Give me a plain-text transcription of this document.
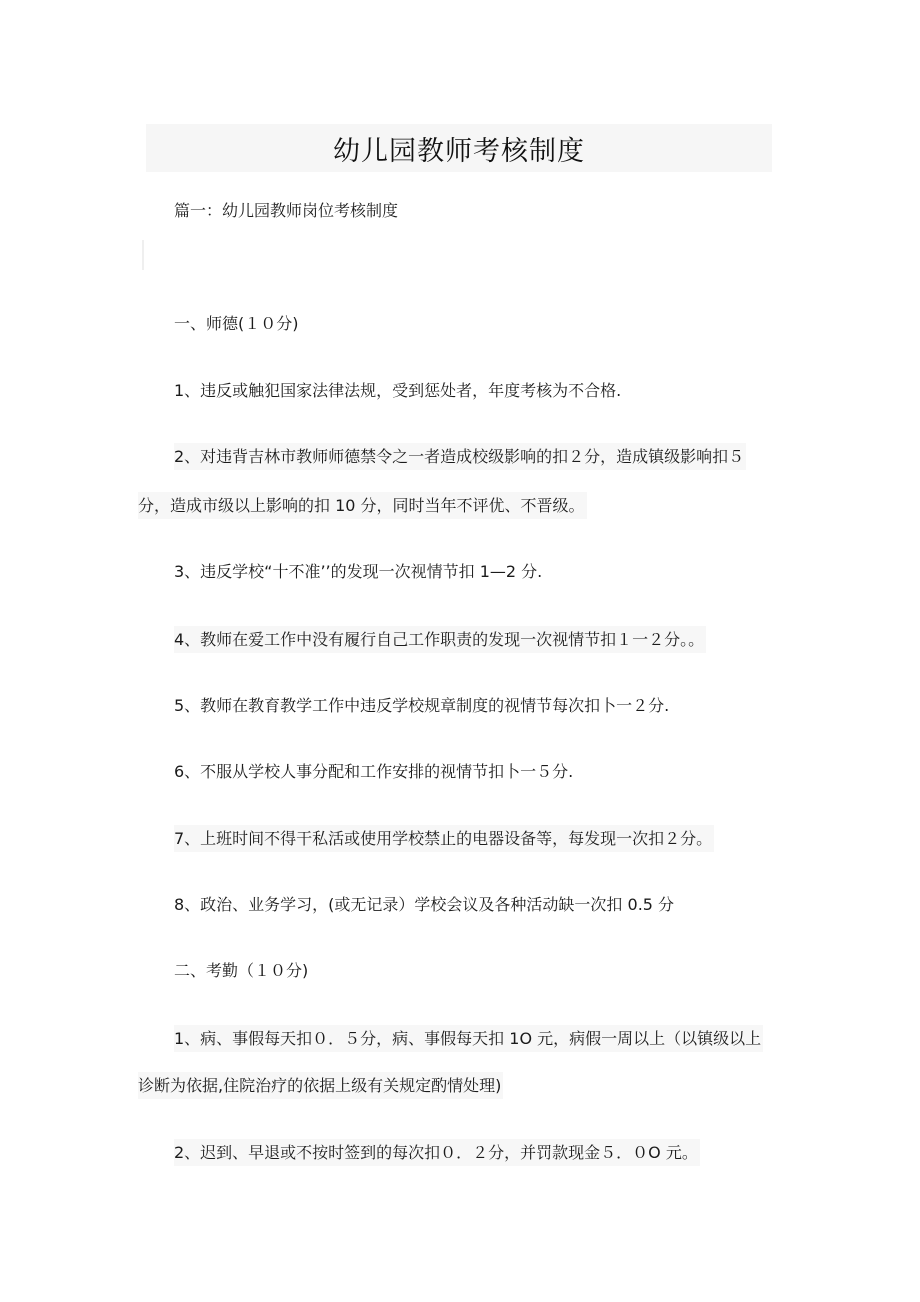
幼儿园教师考核制度
篇一：幼儿园教师岗位考核制度
一、师德(１０分)
1、违反或触犯国家法律法规，受到惩处者，年度考核为不合格.
2、对违背吉林市教师师德禁令之一者造成校级影响的扣２分，造成镇级影响扣５
分，造成市级以上影响的扣 10 分，同时当年不评优、不晋级。
3、违反学校“十不准’’的发现一次视情节扣 1—2 分.
4、教师在爱工作中没有履行自己工作职责的发现一次视情节扣１一２分。。
5、教师在教育教学工作中违反学校规章制度的视情节每次扣卜一２分.
6、不服从学校人事分配和工作安排的视情节扣卜一５分.
7、上班时间不得干私活或使用学校禁止的电器设备等，每发现一次扣２分。
8、政治、业务学习，(或无记录）学校会议及各种活动缺一次扣 0.5 分
二、考勤（１０分)
1、病、事假每天扣０．５分，病、事假每天扣 1O 元，病假一周以上（以镇级以上
诊断为依据,住院治疗的依据上级有关规定酌情处理)
2、迟到、早退或不按时签到的每次扣０．２分，并罚款现金５．０O 元。
